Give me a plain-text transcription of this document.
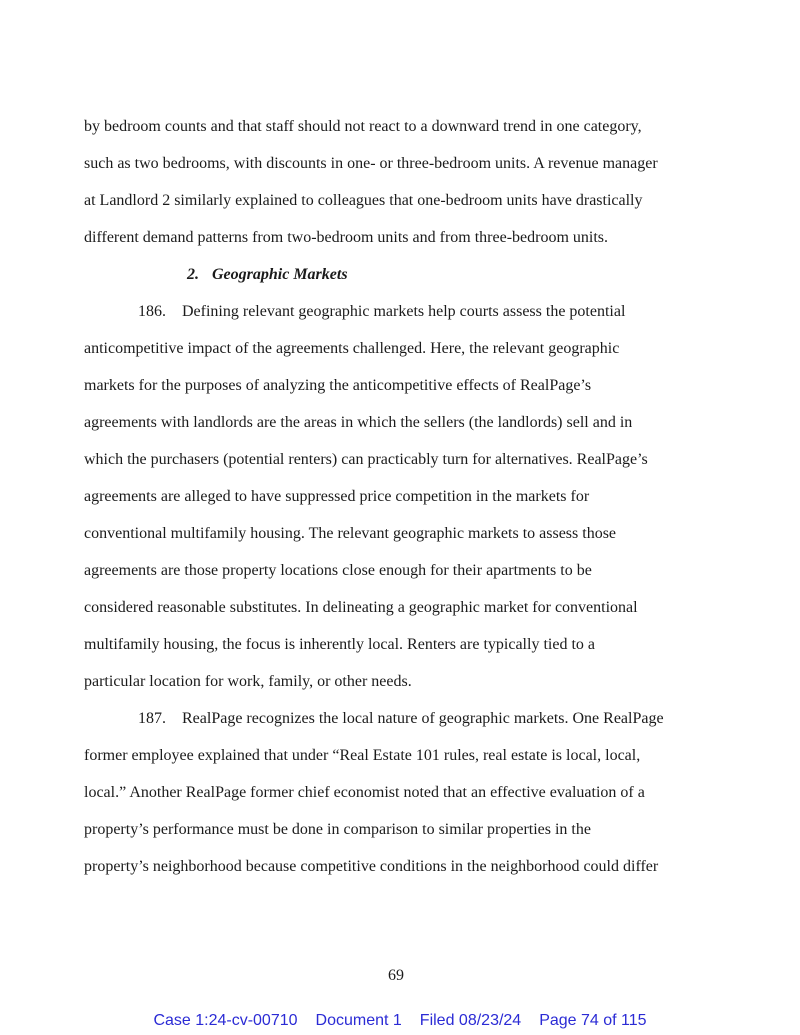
by bedroom counts and that staff should not react to a downward trend in one category,
such as two bedrooms, with discounts in one- or three-bedroom units. A revenue manager
at Landlord 2 similarly explained to colleagues that one-bedroom units have drastically
different demand patterns from two-bedroom units and from three-bedroom units.
2. Geographic Markets
186.    Defining relevant geographic markets help courts assess the potential
anticompetitive impact of the agreements challenged. Here, the relevant geographic
markets for the purposes of analyzing the anticompetitive effects of RealPage’s
agreements with landlords are the areas in which the sellers (the landlords) sell and in
which the purchasers (potential renters) can practicably turn for alternatives. RealPage’s
agreements are alleged to have suppressed price competition in the markets for
conventional multifamily housing. The relevant geographic markets to assess those
agreements are those property locations close enough for their apartments to be
considered reasonable substitutes. In delineating a geographic market for conventional
multifamily housing, the focus is inherently local. Renters are typically tied to a
particular location for work, family, or other needs.
187.    RealPage recognizes the local nature of geographic markets. One RealPage
former employee explained that under “Real Estate 101 rules, real estate is local, local,
local.” Another RealPage former chief economist noted that an effective evaluation of a
property’s performance must be done in comparison to similar properties in the
property’s neighborhood because competitive conditions in the neighborhood could differ
69
Case 1:24-cv-00710 Document 1 Filed 08/23/24 Page 74 of 115
